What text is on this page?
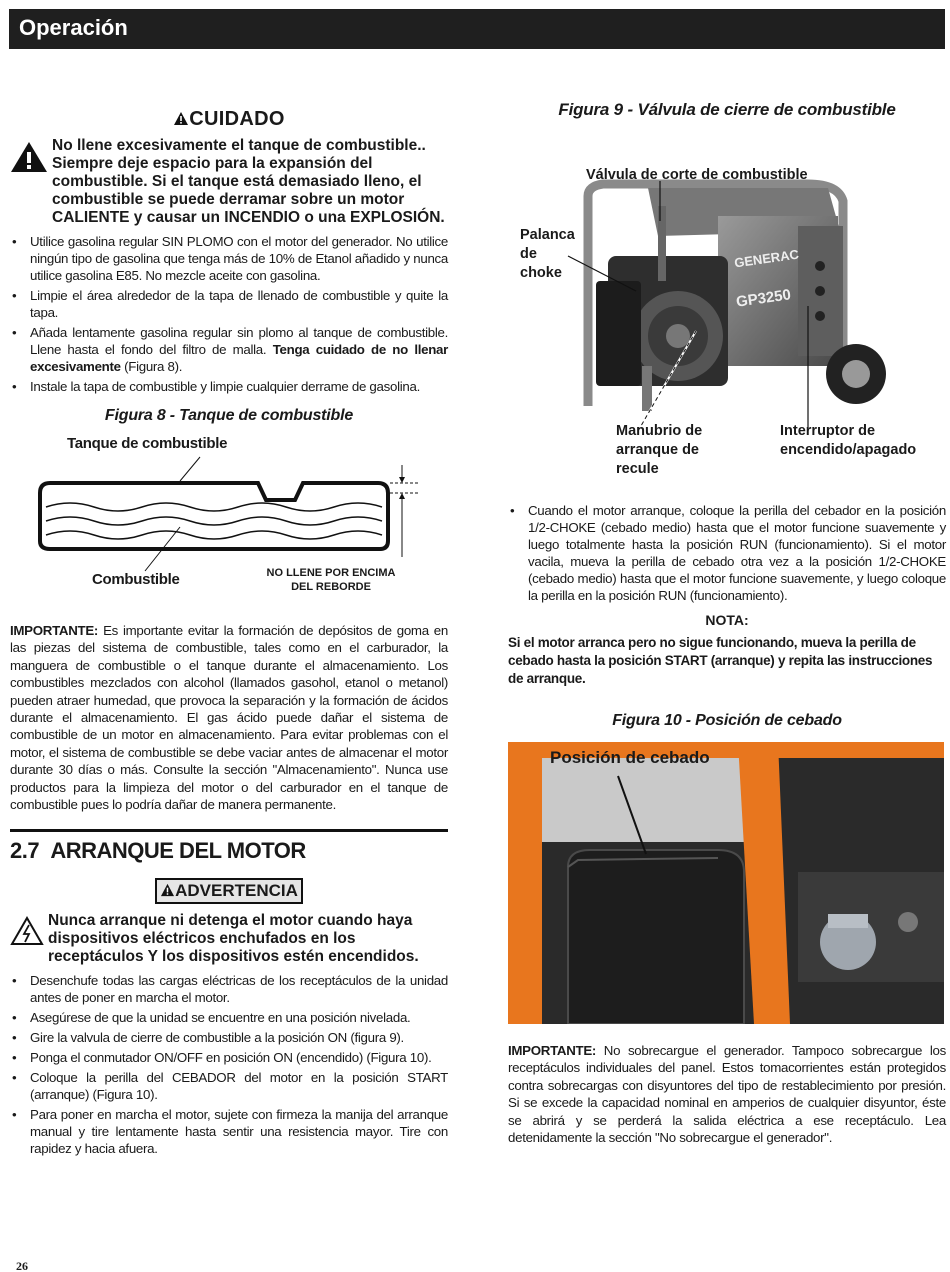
Operación
CUIDADO
No llene excesivamente el tanque de combustible.. Siempre deje espacio para la expansión del combustible. Si el tanque está demasiado lleno, el combustible se puede derramar sobre un motor CALIENTE y causar un INCENDIO o una EXPLOSIÓN.
• Utilice gasolina regular SIN PLOMO con el motor del generador. No utilice ningún tipo de gasolina que tenga más de 10% de Etanol añadido y nunca utilice gasolina E85. No mezcle aceite con gasolina.
• Limpie el área alrededor de la tapa de llenado de combustible y quite la tapa.
• Añada lentamente gasolina regular sin plomo al tanque de combustible. Llene hasta el fondo del filtro de malla. Tenga cuidado de no llenar excesivamente (Figura 8).
• Instale la tapa de combustible y limpie cualquier derrame de gasolina.
Figura 8 - Tanque de combustible
Tanque de combustible
Combustible	NO LLENE POR ENCIMA DEL REBORDE
IMPORTANTE: Es importante evitar la formación de depósitos de goma en las piezas del sistema de combustible, tales como en el carburador, la manguera de combustible o el tanque durante el almacenamiento. Los combustibles mezclados con alcohol (llamados gasohol, etanol o metanol) pueden atraer humedad, que provoca la separación y la formación de ácidos durante el almacenamiento. El gas ácido puede dañar el sistema de combustible de un motor en almacenamiento. Para evitar problemas con el motor, el sistema de combustible se debe vaciar antes de almacenar el motor durante 30 días o más. Consulte la sección "Almacenamiento". Nunca use productos para la limpieza del motor o del carburador en el tanque de combustible pues lo podría dañar de manera permanente.
2.7 ARRANQUE DEL MOTOR
ADVERTENCIA
Nunca arranque ni detenga el motor cuando haya dispositivos eléctricos enchufados en los receptáculos Y los dispositivos estén encendidos.
• Desenchufe todas las cargas eléctricas de los receptáculos de la unidad antes de poner en marcha el motor.
• Asegúrese de que la unidad se encuentre en una posición nivelada.
• Gire la valvula de cierre de combustible a la posición ON (figura 9).
• Ponga el conmutador ON/OFF en posición ON (encendido) (Figura 10).
• Coloque la perilla del CEBADOR del motor en la posición START (arranque) (Figura 10).
• Para poner en marcha el motor, sujete con firmeza la manija del arranque manual y tire lentamente hasta sentir una resistencia mayor. Tire con rapidez y hacia afuera.
Figura 9 - Válvula de cierre de combustible
Válvula de corte de combustible
GENERAC
GP3250
Palanca de choke
Manubrio de arranque de recule
Interruptor de encendido/apagado
• Cuando el motor arranque, coloque la perilla del cebador en la posición 1/2-CHOKE (cebado medio) hasta que el motor funcione suavemente y luego totalmente hasta la posición RUN (funcionamiento). Si el motor vacila, mueva la perilla de cebado otra vez a la posición 1/2-CHOKE (cebado medio) hasta que el motor funcione suavemente, y luego coloque la perilla en la posición RUN (funcionamiento).
NOTA:
Si el motor arranca pero no sigue funcionando, mueva la perilla de cebado hasta la posición START (arranque) y repita las instrucciones de arranque.
Figura 10 - Posición de cebado
Posición de cebado
IMPORTANTE: No sobrecargue el generador. Tampoco sobrecargue los receptáculos individuales del panel. Estos tomacorrientes están protegidos contra sobrecargas con disyuntores del tipo de restablecimiento por presión. Si se excede la capacidad nominal en amperios de cualquier disyuntor, éste se abrirá y se perderá la salida eléctrica a ese receptáculo. Lea detenidamente la sección "No sobrecargue el generador".
26
